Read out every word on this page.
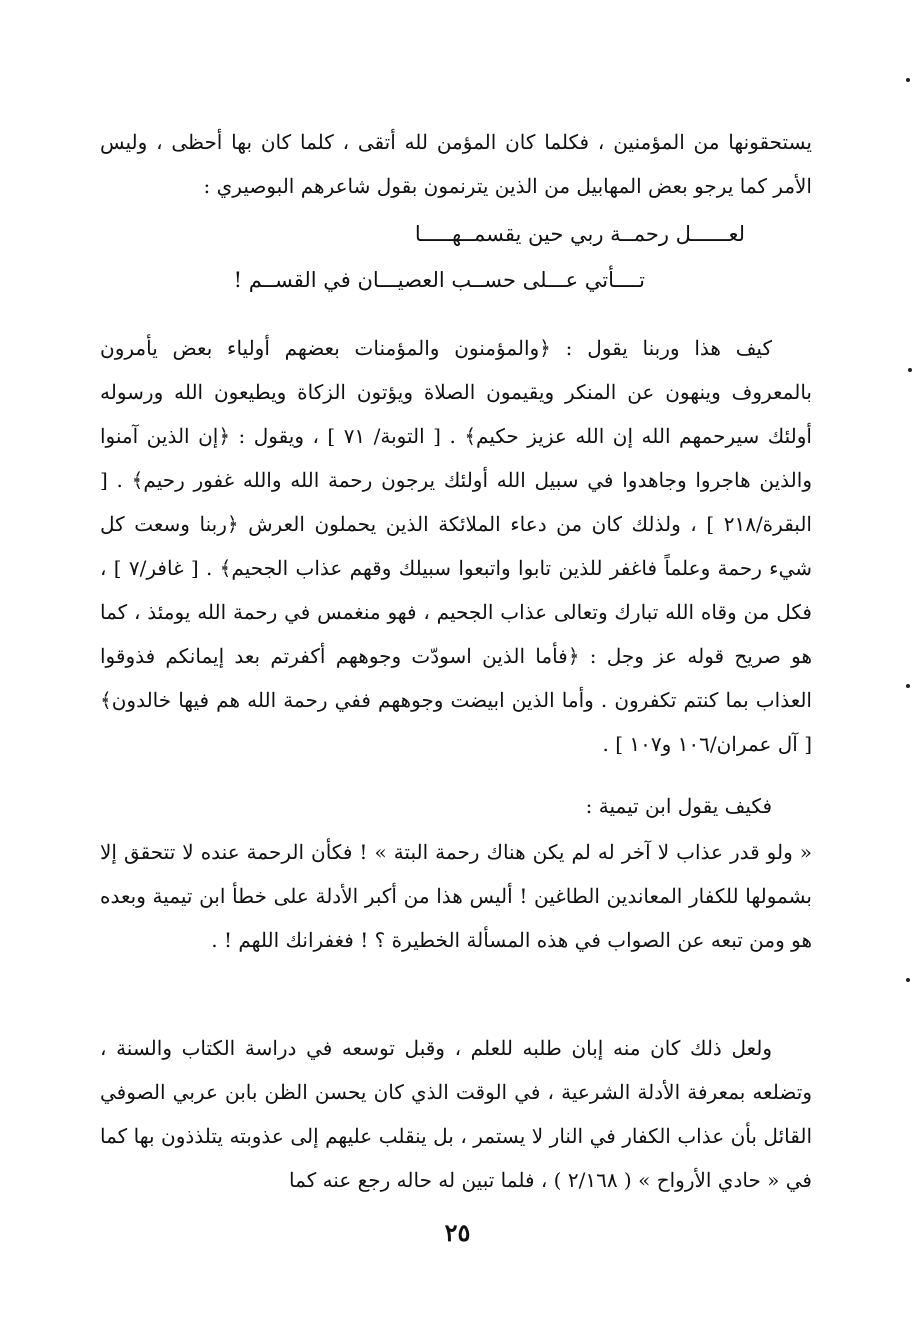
يستحقونها من المؤمنين ، فكلما كان المؤمن لله أتقى ، كلما كان بها أحظى ، وليس الأمر كما يرجو بعض المهابيل من الذين يترنمون بقول شاعرهم البوصيري :

لعــــــل رحمــة ربي حين يقسمــهـــــا
تــــأتي عـــلى حســب العصيـــان في القســم !

كيف هذا وربنا يقول : ﴿والمؤمنون والمؤمنات بعضهم أولياء بعض يأمرون بالمعروف وينهون عن المنكر ويقيمون الصلاة ويؤتون الزكاة ويطيعون الله ورسوله أولئك سيرحمهم الله إن الله عزيز حكيم﴾ . [ التوبة/ ٧١ ] ، ويقول : ﴿إن الذين آمنوا والذين هاجروا وجاهدوا في سبيل الله أولئك يرجون رحمة الله والله غفور رحيم﴾ . [ البقرة/٢١٨ ] ، ولذلك كان من دعاء الملائكة الذين يحملون العرش ﴿ربنا وسعت كل شيء رحمة وعلماً فاغفر للذين تابوا واتبعوا سبيلك وقهم عذاب الجحيم﴾ . [ غافر/٧ ] ، فكل من وقاه الله تبارك وتعالى عذاب الجحيم ، فهو منغمس في رحمة الله يومئذ ، كما هو صريح قوله عز وجل : ﴿فأما الذين اسودّت وجوههم أكفرتم بعد إيمانكم فذوقوا العذاب بما كنتم تكفرون . وأما الذين ابيضت وجوههم ففي رحمة الله هم فيها خالدون﴾ [ آل عمران/١٠٦ و١٠٧ ] .

فكيف يقول ابن تيمية :

« ولو قدر عذاب لا آخر له لم يكن هناك رحمة البتة » ! فكأن الرحمة عنده لا تتحقق إلا بشمولها للكفار المعاندين الطاغين ! أليس هذا من أكبر الأدلة على خطأ ابن تيمية وبعده هو ومن تبعه عن الصواب في هذه المسألة الخطيرة ؟ ! فغفرانك اللهم ! .

ولعل ذلك كان منه إبان طلبه للعلم ، وقبل توسعه في دراسة الكتاب والسنة ، وتضلعه بمعرفة الأدلة الشرعية ، في الوقت الذي كان يحسن الظن بابن عربي الصوفي القائل بأن عذاب الكفار في النار لا يستمر ، بل ينقلب عليهم إلى عذوبته يتلذذون بها كما في « حادي الأرواح » ( ٢/١٦٨ ) ، فلما تبين له حاله رجع عنه كما

٢٥
